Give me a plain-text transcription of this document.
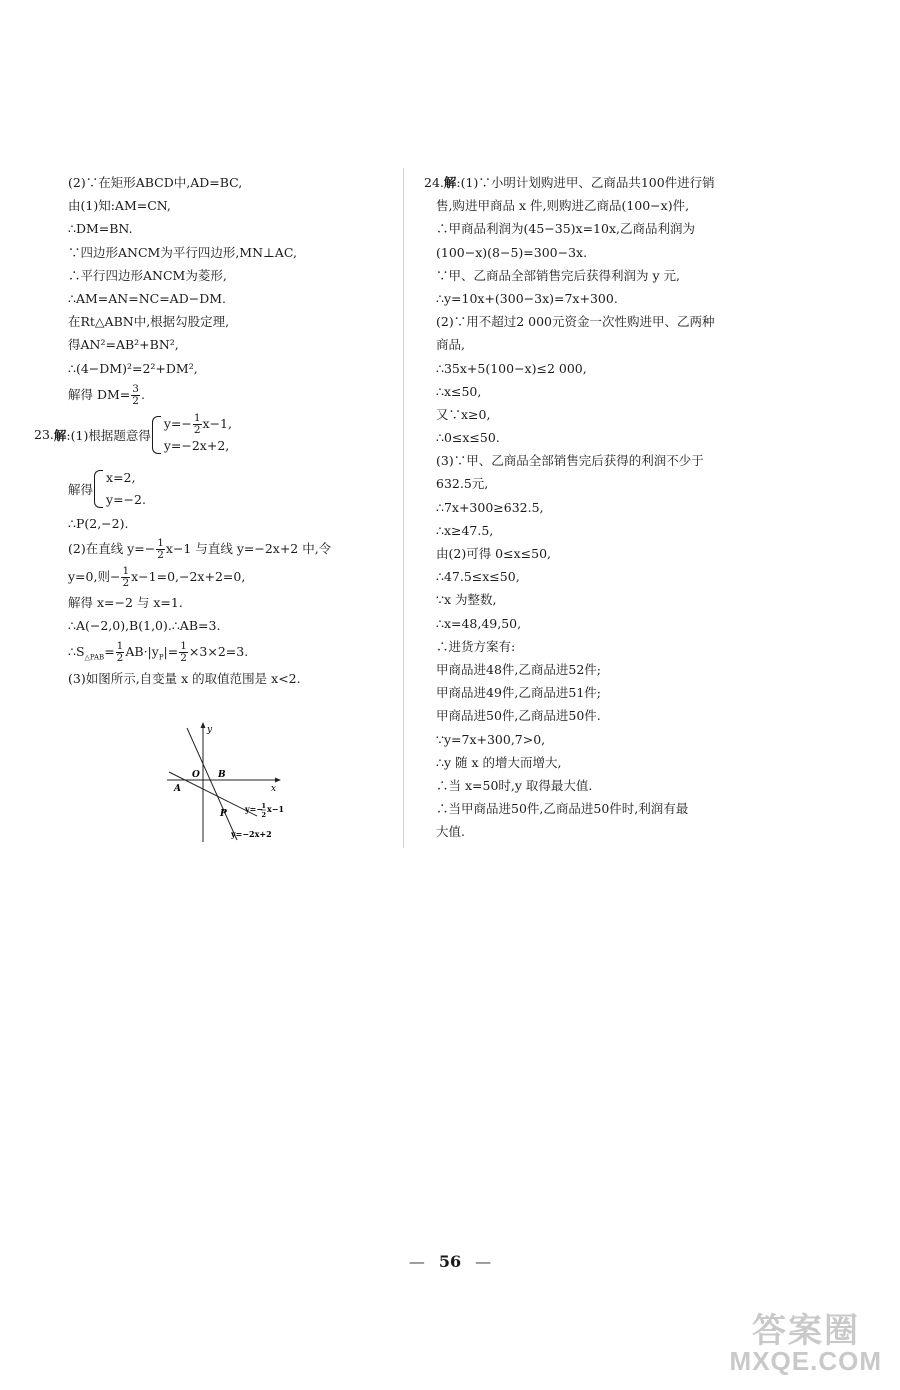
(2)∵在矩形ABCD中,AD=BC,
由(1)知:AM=CN,
∴DM=BN.
∵四边形ANCM为平行四边形,MN⊥AC,
∴平行四边形ANCM为菱形,
∴AM=AN=NC=AD−DM.
在Rt△ABN中,根据勾股定理,
得AN²=AB²+BN²,
∴(4−DM)²=2²+DM²,
解得 $DM= \frac{3}{2}$ .
23. 解 :(1)根据题意得
$y=- \frac{1}{2} x-1$,
y=−2x+2,
解得
x=2,
y=−2.
∴P(2,−2).
(2)在直线 $y=- \frac{1}{2} x-1$ 与直线 y=−2x+2 中,令
y=0,则− $\frac{1}{2} x-1=0,-2x+2=0$,
解得 x=−2 与 x=1.
∴A(−2,0),B(1,0).∴AB=3.
$\therefore S_{\triangle PAB}= \frac{1}{2} AB\cdot|y_P|= \frac{1}{2} \times 3\times 2=3$.
(3)如图所示,自变量 x 的取值范围是 x<2.
y
x
O
A
B
P y=−
1
2
x−1
y=−2x+2
24.解:(1)∵小明计划购进甲、乙商品共100件进行销
售,购进甲商品 x 件,则购进乙商品(100−x)件,
∴甲商品利润为(45−35)x=10x,乙商品利润为
(100−x)(8−5)=300−3x.
∵甲、乙商品全部销售完后获得利润为 y 元,
∴y=10x+(300−3x)=7x+300.
(2)∵用不超过2 000元资金一次性购进甲、乙两种
商品,
∴35x+5(100−x)≤2 000,
∴x≤50,
又∵x≥0,
∴0≤x≤50.
(3)∵甲、乙商品全部销售完后获得的利润不少于
632.5元,
∴7x+300≥632.5,
∴x≥47.5,
由(2)可得 0≤x≤50,
∴47.5≤x≤50,
∵x 为整数,
∴x=48,49,50,
∴进货方案有:
甲商品进48件,乙商品进52件;
甲商品进49件,乙商品进51件;
甲商品进50件,乙商品进50件.
∵y=7x+300,7>0,
∴y 随 x 的增大而增大,
∴当 x=50时,y 取得最大值.
∴当甲商品进50件,乙商品进50件时,利润有最
大值.
— 56 —
答案圈
MXQE.COM
